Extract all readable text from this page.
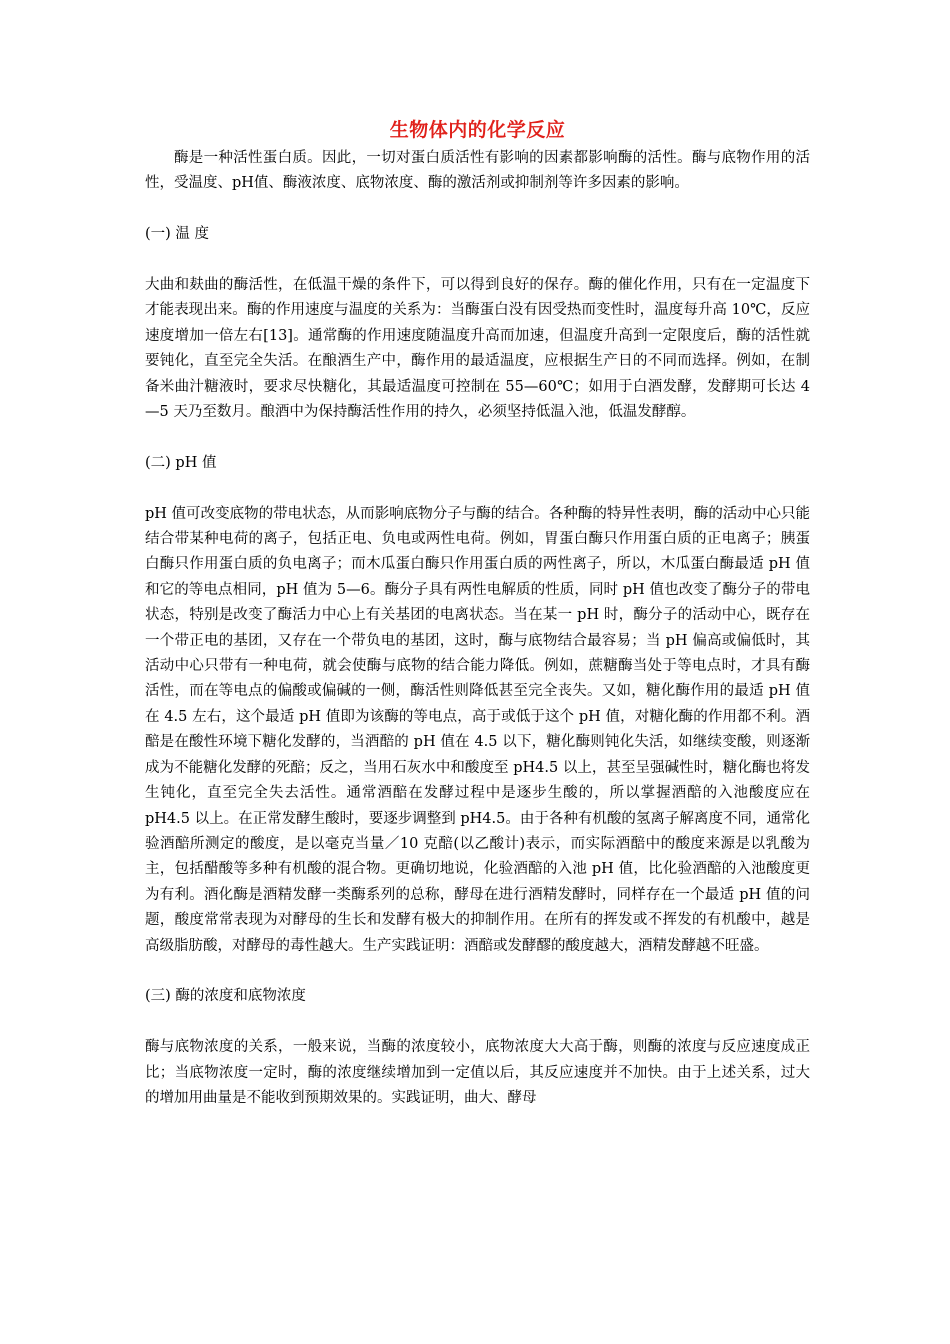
生物体内的化学反应

酶是一种活性蛋白质。因此，一切对蛋白质活性有影响的因素都影响酶的活性。酶与底物作用的活性，受温度、pH值、酶液浓度、底物浓度、酶的激活剂或抑制剂等许多因素的影响。

(一) 温 度

大曲和麸曲的酶活性，在低温干燥的条件下，可以得到良好的保存。酶的催化作用，只有在一定温度下才能表现出来。酶的作用速度与温度的关系为：当酶蛋白没有因受热而变性时，温度每升高 10℃，反应速度增加一倍左右[13]。通常酶的作用速度随温度升高而加速，但温度升高到一定限度后，酶的活性就要钝化，直至完全失活。在酿酒生产中，酶作用的最适温度，应根据生产日的不同而选择。例如，在制备米曲汁糖液时，要求尽快糖化，其最适温度可控制在 55—60℃；如用于白酒发酵，发酵期可长达 4—5 天乃至数月。酿酒中为保持酶活性作用的持久，必须坚持低温入池，低温发酵醇。

(二) pH 值

pH 值可改变底物的带电状态，从而影响底物分子与酶的结合。各种酶的特异性表明，酶的活动中心只能结合带某种电荷的离子，包括正电、负电或两性电荷。例如，胃蛋白酶只作用蛋白质的正电离子；胰蛋白酶只作用蛋白质的负电离子；而木瓜蛋白酶只作用蛋白质的两性离子，所以，木瓜蛋白酶最适 pH 值和它的等电点相同，pH 值为 5—6。酶分子具有两性电解质的性质，同时 pH 值也改变了酶分子的带电状态，特别是改变了酶活力中心上有关基团的电离状态。当在某一 pH 时，酶分子的活动中心，既存在一个带正电的基团，又存在一个带负电的基团，这时，酶与底物结合最容易；当 pH 偏高或偏低时，其活动中心只带有一种电荷，就会使酶与底物的结合能力降低。例如，蔗糖酶当处于等电点时，才具有酶活性，而在等电点的偏酸或偏碱的一侧，酶活性则降低甚至完全丧失。又如，糖化酶作用的最适 pH 值在 4.5 左右，这个最适 pH 值即为该酶的等电点，高于或低于这个 pH 值，对糖化酶的作用都不利。酒醅是在酸性环境下糖化发酵的，当酒醅的 pH 值在 4.5 以下，糖化酶则钝化失活，如继续变酸，则逐渐成为不能糖化发酵的死醅；反之，当用石灰水中和酸度至 pH4.5 以上，甚至呈强碱性时，糖化酶也将发生钝化，直至完全失去活性。通常酒醅在发酵过程中是逐步生酸的，所以掌握酒醅的入池酸度应在 pH4.5 以上。在正常发酵生酸时，要逐步调整到 pH4.5。由于各种有机酸的氢离子解离度不同，通常化验酒醅所测定的酸度，是以毫克当量／10 克醅(以乙酸计)表示，而实际酒醅中的酸度来源是以乳酸为主，包括醋酸等多种有机酸的混合物。更确切地说，化验酒醅的入池 pH 值，比化验酒醅的入池酸度更为有利。酒化酶是酒精发酵一类酶系列的总称，酵母在进行酒精发酵时，同样存在一个最适 pH 值的问题，酸度常常表现为对酵母的生长和发酵有极大的抑制作用。在所有的挥发或不挥发的有机酸中，越是高级脂肪酸，对酵母的毒性越大。生产实践证明：酒醅或发酵醪的酸度越大，酒精发酵越不旺盛。

(三) 酶的浓度和底物浓度

酶与底物浓度的关系，一般来说，当酶的浓度较小，底物浓度大大高于酶，则酶的浓度与反应速度成正比；当底物浓度一定时，酶的浓度继续增加到一定值以后，其反应速度并不加快。由于上述关系，过大的增加用曲量是不能收到预期效果的。实践证明，曲大、酵母
